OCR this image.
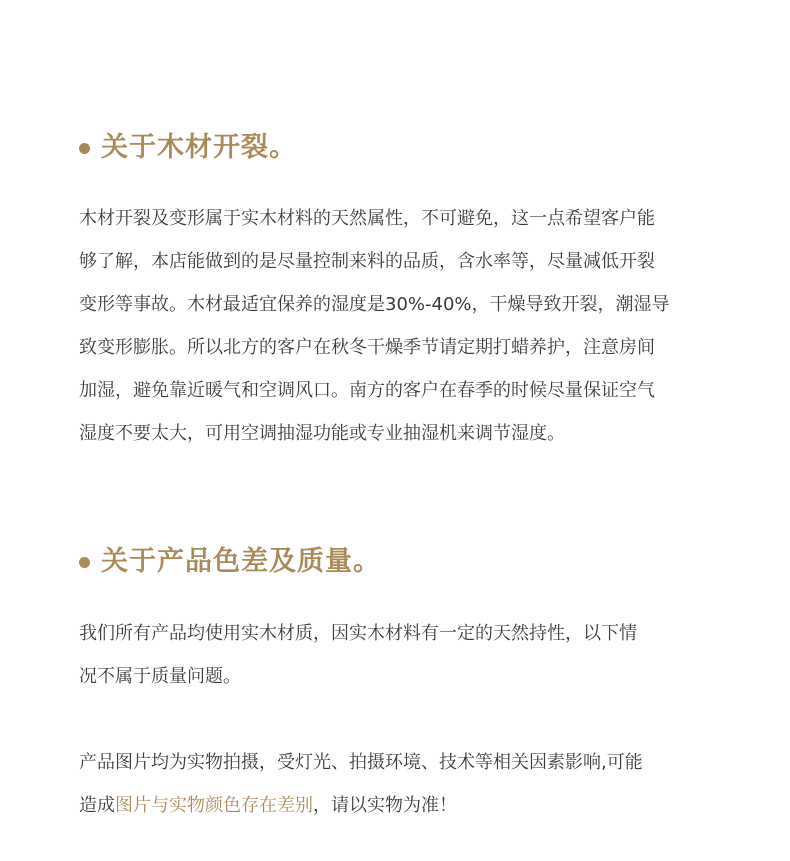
关于木材开裂。
木材开裂及变形属于实木材料的天然属性，不可避免，这一点希望客户能
够了解，本店能做到的是尽量控制来料的品质，含水率等，尽量减低开裂
变形等事故。木材最适宜保养的湿度是30%-40%，干燥导致开裂，潮湿导
致变形膨胀。所以北方的客户在秋冬干燥季节请定期打蜡养护，注意房间
加湿，避免靠近暖气和空调风口。南方的客户在春季的时候尽量保证空气
湿度不要太大，可用空调抽湿功能或专业抽湿机来调节湿度。
关于产品色差及质量。
我们所有产品均使用实木材质，因实木材料有一定的天然持性，以下情
况不属于质量问题。
产品图片均为实物拍摄，受灯光、拍摄环境、技术等相关因素影响,可能
造成图片与实物颜色存在差别，请以实物为准！
